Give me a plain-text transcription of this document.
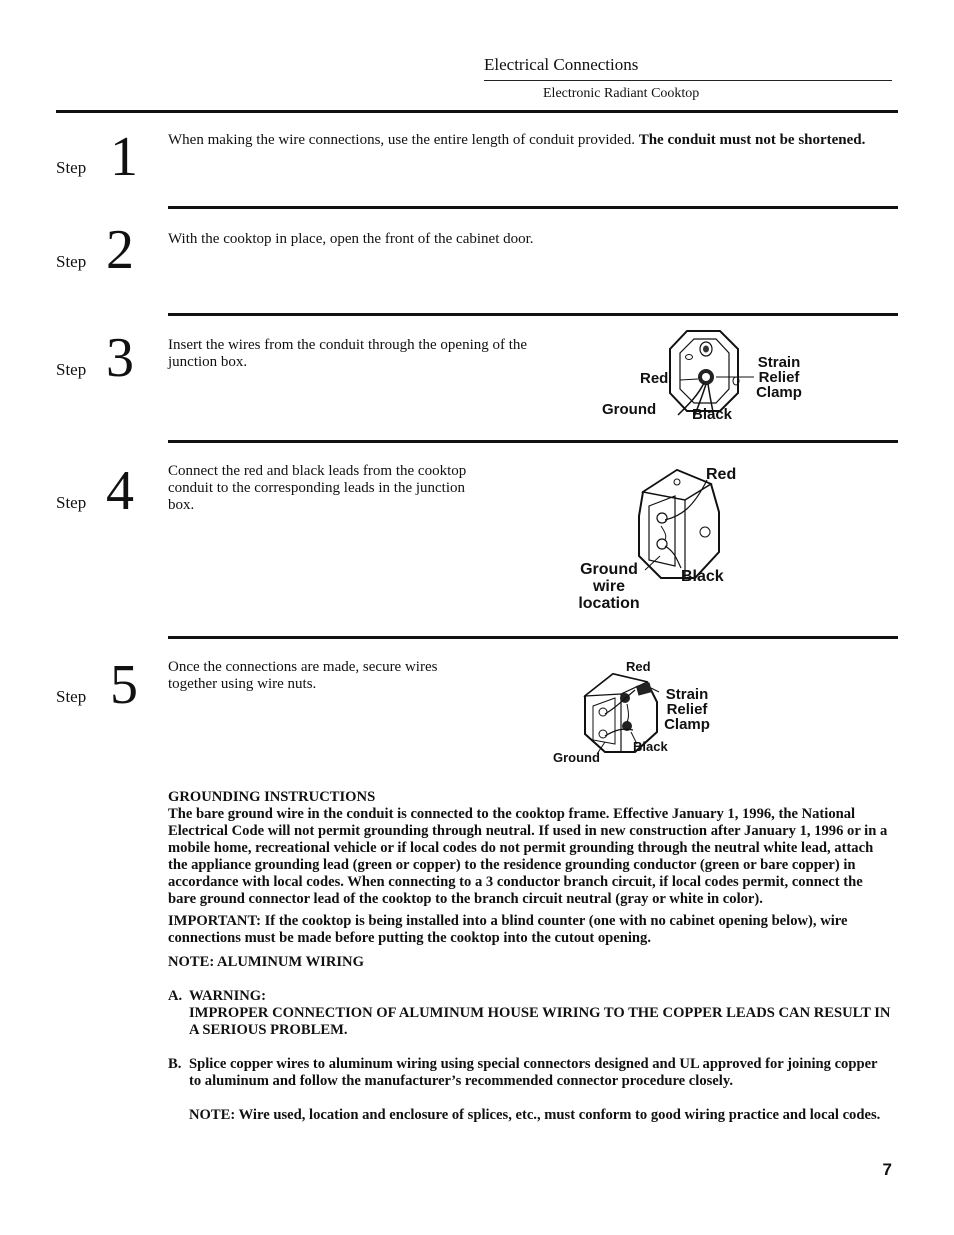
Electrical Connections
Electronic Radiant Cooktop
Step 1 When making the wire connections, use the entire length of conduit provided. The conduit must not be shortened.
Step 2 With the cooktop in place, open the front of the cabinet door.
Step 3 Insert the wires from the conduit through the opening of the junction box.
Red
Ground Black
Strain
Relief
Clamp
Step 4 Connect the red and black leads from the cooktop conduit to the corresponding leads in the junction box.
Red
Black
Ground
wire
location
Step 5 Once the connections are made, secure wires together using wire nuts.
Red
Black
Ground
Strain
Relief
Clamp

GROUNDING INSTRUCTIONS

The bare ground wire in the conduit is connected to the cooktop frame. Effective January 1, 1996, the National Electrical Code will not permit grounding through neutral. If used in new construction after January 1, 1996 or in a mobile home, recreational vehicle or if local codes do not permit grounding through the neutral white lead, attach the appliance grounding lead (green or copper) to the residence grounding conductor (green or bare copper) in accordance with local codes. When connecting to a 3 conductor branch circuit, if local codes permit, connect the bare ground connector lead of the cooktop to the branch circuit neutral (gray or white in color).

IMPORTANT: If the cooktop is being installed into a blind counter (one with no cabinet opening below), wire connections must be made before putting the cooktop into the cutout opening.

NOTE: ALUMINUM WIRING

A. WARNING:
IMPROPER CONNECTION OF ALUMINUM HOUSE WIRING TO THE COPPER LEADS CAN RESULT IN A SERIOUS PROBLEM.
B. Splice copper wires to aluminum wiring using special connectors designed and UL approved for joining copper to aluminum and follow the manufacturer’s recommended connector procedure closely.
NOTE: Wire used, location and enclosure of splices, etc., must conform to good wiring practice and local codes.
7
